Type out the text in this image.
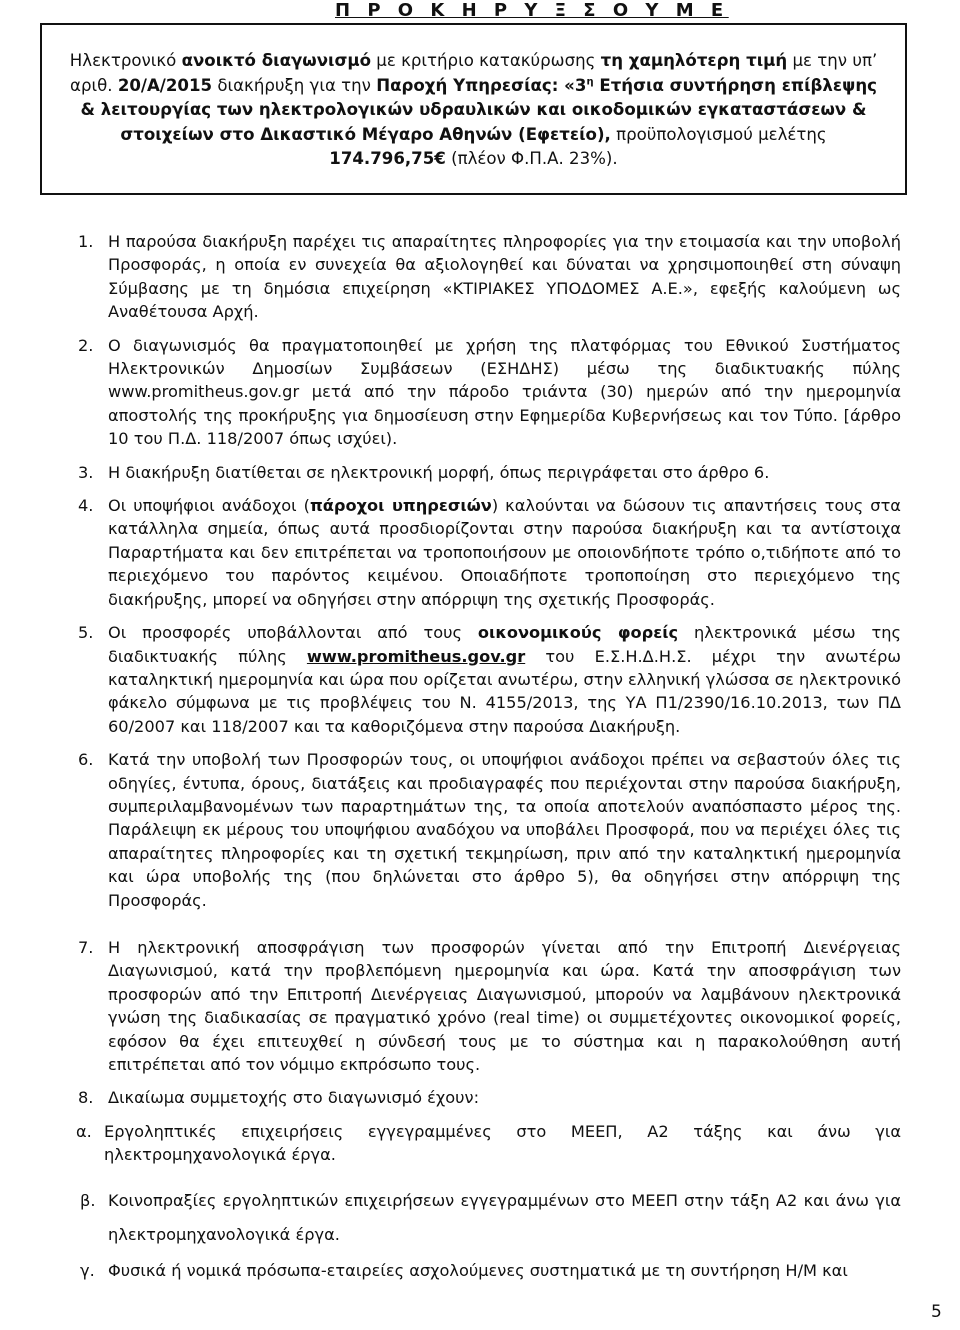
Π Ρ Ο Κ Η Ρ Υ Ξ Σ Ο Υ Μ Ε
Ηλεκτρονικό ανοικτό διαγωνισμό με κριτήριο κατακύρωσης τη χαμηλότερη τιμή με την υπ’ αριθ. 20/Α/2015 διακήρυξη για την Παροχή Υπηρεσίας: «$3^\eta$ Ετήσια συντήρηση επίβλεψης & λειτουργίας των ηλεκτρολογικών υδραυλικών και οικοδομικών εγκαταστάσεων & στοιχείων στο Δικαστικό Μέγαρο Αθηνών (Εφετείο), προϋπολογισμού μελέτης 174.796,75€ (πλέον Φ.Π.Α. 23%).
1. Η παρούσα διακήρυξη παρέχει τις απαραίτητες πληροφορίες για την ετοιμασία και την υποβολή Προσφοράς, η οποία εν συνεχεία θα αξιολογηθεί και δύναται να χρησιμοποιηθεί στη σύναψη Σύμβασης με τη δημόσια επιχείρηση «ΚΤΙΡΙΑΚΕΣ ΥΠΟΔΟΜΕΣ Α.Ε.», εφεξής καλούμενη ως Αναθέτουσα Αρχή.
2. Ο διαγωνισμός θα πραγματοποιηθεί με χρήση της πλατφόρμας του Εθνικού Συστήματος Ηλεκτρονικών Δημοσίων Συμβάσεων (ΕΣΗΔΗΣ) μέσω της διαδικτυακής πύλης www.promitheus.gov.gr μετά από την πάροδο τριάντα (30) ημερών από την ημερομηνία αποστολής της προκήρυξης για δημοσίευση στην Εφημερίδα Κυβερνήσεως και τον Τύπο. [άρθρο 10 του Π.Δ. 118/2007 όπως ισχύει).
3. Η διακήρυξη διατίθεται σε ηλεκτρονική μορφή, όπως περιγράφεται στο άρθρο 6.
4. Οι υποψήφιοι ανάδοχοι (πάροχοι υπηρεσιών) καλούνται να δώσουν τις απαντήσεις τους στα κατάλληλα σημεία, όπως αυτά προσδιορίζονται στην παρούσα διακήρυξη και τα αντίστοιχα Παραρτήματα και δεν επιτρέπεται να τροποποιήσουν με οποιονδήποτε τρόπο ο,τιδήποτε από το περιεχόμενο του παρόντος κειμένου. Οποιαδήποτε τροποποίηση στο περιεχόμενο της διακήρυξης, μπορεί να οδηγήσει στην απόρριψη της σχετικής Προσφοράς.
5. Οι προσφορές υποβάλλονται από τους οικονομικούς φορείς ηλεκτρονικά μέσω της διαδικτυακής πύλης www.promitheus.gov.gr του Ε.Σ.Η.Δ.Η.Σ. μέχρι την ανωτέρω καταληκτική ημερομηνία και ώρα που ορίζεται ανωτέρω, στην ελληνική γλώσσα σε ηλεκτρονικό φάκελο σύμφωνα με τις προβλέψεις του Ν. 4155/2013, της ΥΑ Π1/2390/16.10.2013, των ΠΔ 60/2007 και 118/2007 και τα καθοριζόμενα στην παρούσα Διακήρυξη.
6. Κατά την υποβολή των Προσφορών τους, οι υποψήφιοι ανάδοχοι πρέπει να σεβαστούν όλες τις οδηγίες, έντυπα, όρους, διατάξεις και προδιαγραφές που περιέχονται στην παρούσα διακήρυξη, συμπεριλαμβανομένων των παραρτημάτων της, τα οποία αποτελούν αναπόσπαστο μέρος της. Παράλειψη εκ μέρους του υποψήφιου αναδόχου να υποβάλει Προσφορά, που να περιέχει όλες τις απαραίτητες πληροφορίες και τη σχετική τεκμηρίωση, πριν από την καταληκτική ημερομηνία και ώρα υποβολής της (που δηλώνεται στο άρθρο 5), θα οδηγήσει στην απόρριψη της Προσφοράς.
7. Η ηλεκτρονική αποσφράγιση των προσφορών γίνεται από την Επιτροπή Διενέργειας Διαγωνισμού, κατά την προβλεπόμενη ημερομηνία και ώρα. Κατά την αποσφράγιση των προσφορών από την Επιτροπή Διενέργειας Διαγωνισμού, μπορούν να λαμβάνουν ηλεκτρονικά γνώση της διαδικασίας σε πραγματικό χρόνο (real time) οι συμμετέχοντες οικονομικοί φορείς, εφόσον θα έχει επιτευχθεί η σύνδεσή τους με το σύστημα και η παρακολούθηση αυτή επιτρέπεται από τον νόμιμο εκπρόσωπο τους.
8. Δικαίωμα συμμετοχής στο διαγωνισμό έχουν:
α. Εργοληπτικές επιχειρήσεις εγγεγραμμένες στο ΜΕΕΠ, Α2 τάξης και άνω για ηλεκτρομηχανολογικά έργα.
β. Κοινοπραξίες εργοληπτικών επιχειρήσεων εγγεγραμμένων στο ΜΕΕΠ στην τάξη Α2 και άνω για ηλεκτρομηχανολογικά έργα.
γ. Φυσικά ή νομικά πρόσωπα-εταιρείες ασχολούμενες συστηματικά με τη συντήρηση Η/Μ και
5
